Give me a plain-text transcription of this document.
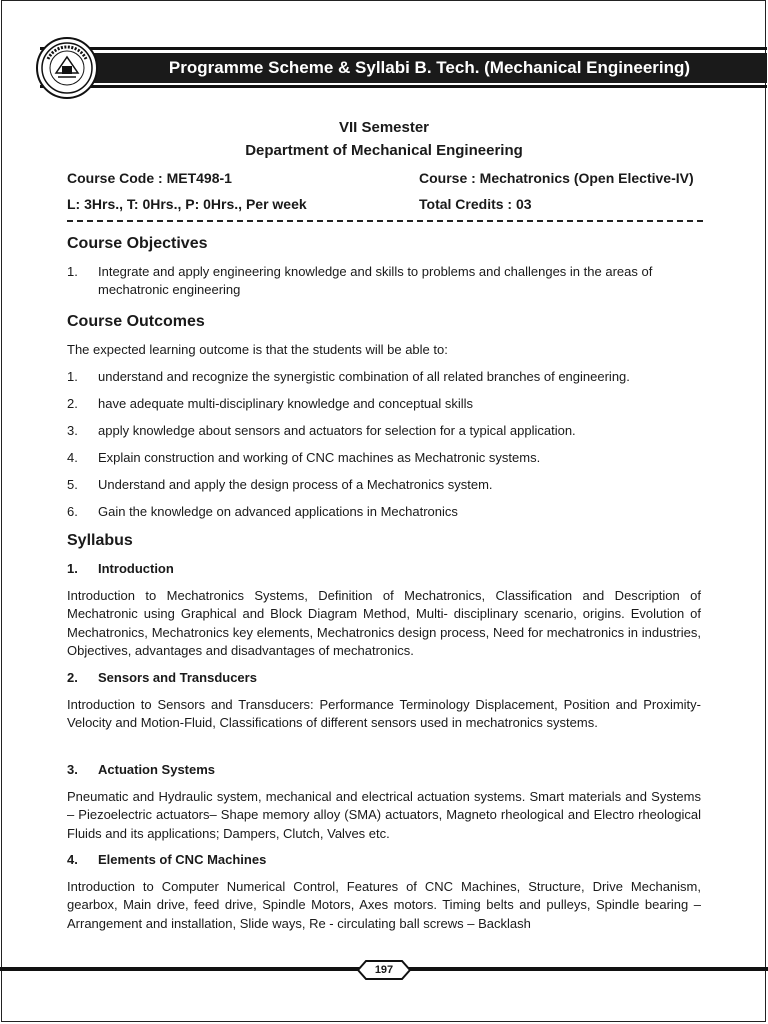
Programme Scheme & Syllabi B. Tech. (Mechanical Engineering)
VII Semester
Department of Mechanical Engineering
Course Code : MET498-1	Course : Mechatronics (Open Elective-IV)
L: 3Hrs., T: 0Hrs., P: 0Hrs., Per week	Total Credits : 03
Course Objectives
1. Integrate and apply engineering knowledge and skills to problems and challenges in the areas of
mechatronic engineering
Course Outcomes
The expected learning outcome is that the students will be able to:
1. understand and recognize the synergistic combination of all related branches of engineering.
2. have adequate multi-disciplinary knowledge and conceptual skills
3. apply knowledge about sensors and actuators for selection for a typical application.
4. Explain construction and working of CNC machines as Mechatronic systems.
5. Understand and apply the design process of a Mechatronics system.
6. Gain the knowledge on advanced applications in Mechatronics
Syllabus
1. Introduction
Introduction to Mechatronics Systems, Definition of Mechatronics, Classification and Description of Mechatronic using Graphical and Block Diagram Method, Multi- disciplinary scenario, origins. Evolution of Mechatronics, Mechatronics key elements, Mechatronics design process, Need for mechatronics in industries, Objectives, advantages and disadvantages of mechatronics.
2. Sensors and Transducers
Introduction to Sensors and Transducers: Performance Terminology Displacement, Position and Proximity-Velocity and Motion-Fluid, Classifications of different sensors used in mechatronics systems.
3. Actuation Systems
Pneumatic and Hydraulic system, mechanical and electrical actuation systems. Smart materials and Systems – Piezoelectric actuators– Shape memory alloy (SMA) actuators, Magneto rheological and Electro rheological Fluids and its applications; Dampers, Clutch, Valves etc.
4. Elements of CNC Machines
Introduction to Computer Numerical Control, Features of CNC Machines, Structure, Drive Mechanism, gearbox, Main drive, feed drive, Spindle Motors, Axes motors. Timing belts and pulleys, Spindle bearing – Arrangement and installation, Slide ways, Re - circulating ball screws – Backlash
197
